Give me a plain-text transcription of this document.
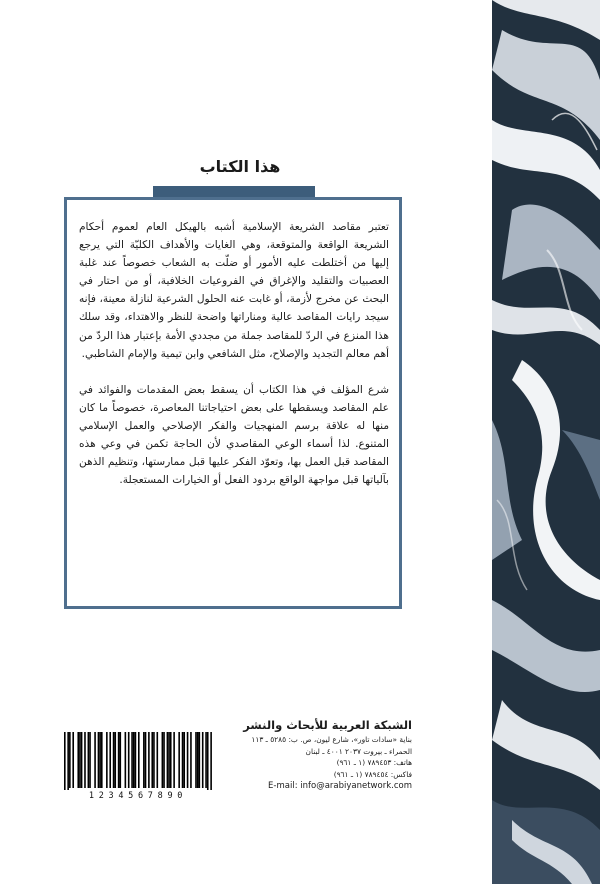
هذا الكتاب

تعتبر مقاصد الشريعة الإسلامية أشبه بالهيكل العام لعموم أحكام الشريعة الواقعة والمتوقعة، وهي الغايات والأهداف الكليّة التي يرجع إليها من أختلطت عليه الأمور أو ضلّت به الشعاب خصوصاً عند غلبة العصبيات والتقليد والإغراق في الفروعيات الخلافية، أو من احتار في البحث عن مخرج لأزمة، أو غابت عنه الحلول الشرعية لنازلة معينة، فإنه سيجد رايات المقاصد عالية ومناراتها واضحة للنظر والاهتداء، وقد سلك هذا المنزع في الردّ للمقاصد جملة من مجددي الأمة بإعتبار هذا الردّ من أهم معالم التجديد والإصلاح، مثل الشافعي وابن تيمية والإمام الشاطبي.

شرع المؤلف في هذا الكتاب أن يسقط بعض المقدمات والفوائد في علم المقاصد ويسقطها على بعض احتياجاتنا المعاصرة، خصوصاً ما كان منها له علاقة برسم المنهجيات والفكر الإصلاحي والعمل الإسلامي المتنوع. لذا أسماء الوعي المقاصدي لأن الحاجة تكمن في وعي هذه المقاصد قبل العمل بها، وتعوّد الفكر عليها قبل ممارستها، وتنظيم الذهن بآلياتها قبل مواجهة الواقع بردود الفعل أو الخيارات المستعجلة.

الشبكة العربية للأبحاث والنشر
بناية «سادات تاور»، شارع ليون، ص. ب: ٥٢٨٥ ـ ١١٣
الحمراء ـ بيروت ٢٠٣٧ ٤٠٠١ ـ لبنان
هاتف: ٧٨٩٤٥٣ (١ ـ ٩٦١)
فاكس: ٧٨٩٤٥٤ (١ ـ ٩٦١)
E-mail: info@arabiyanetwork.com
1234567890
